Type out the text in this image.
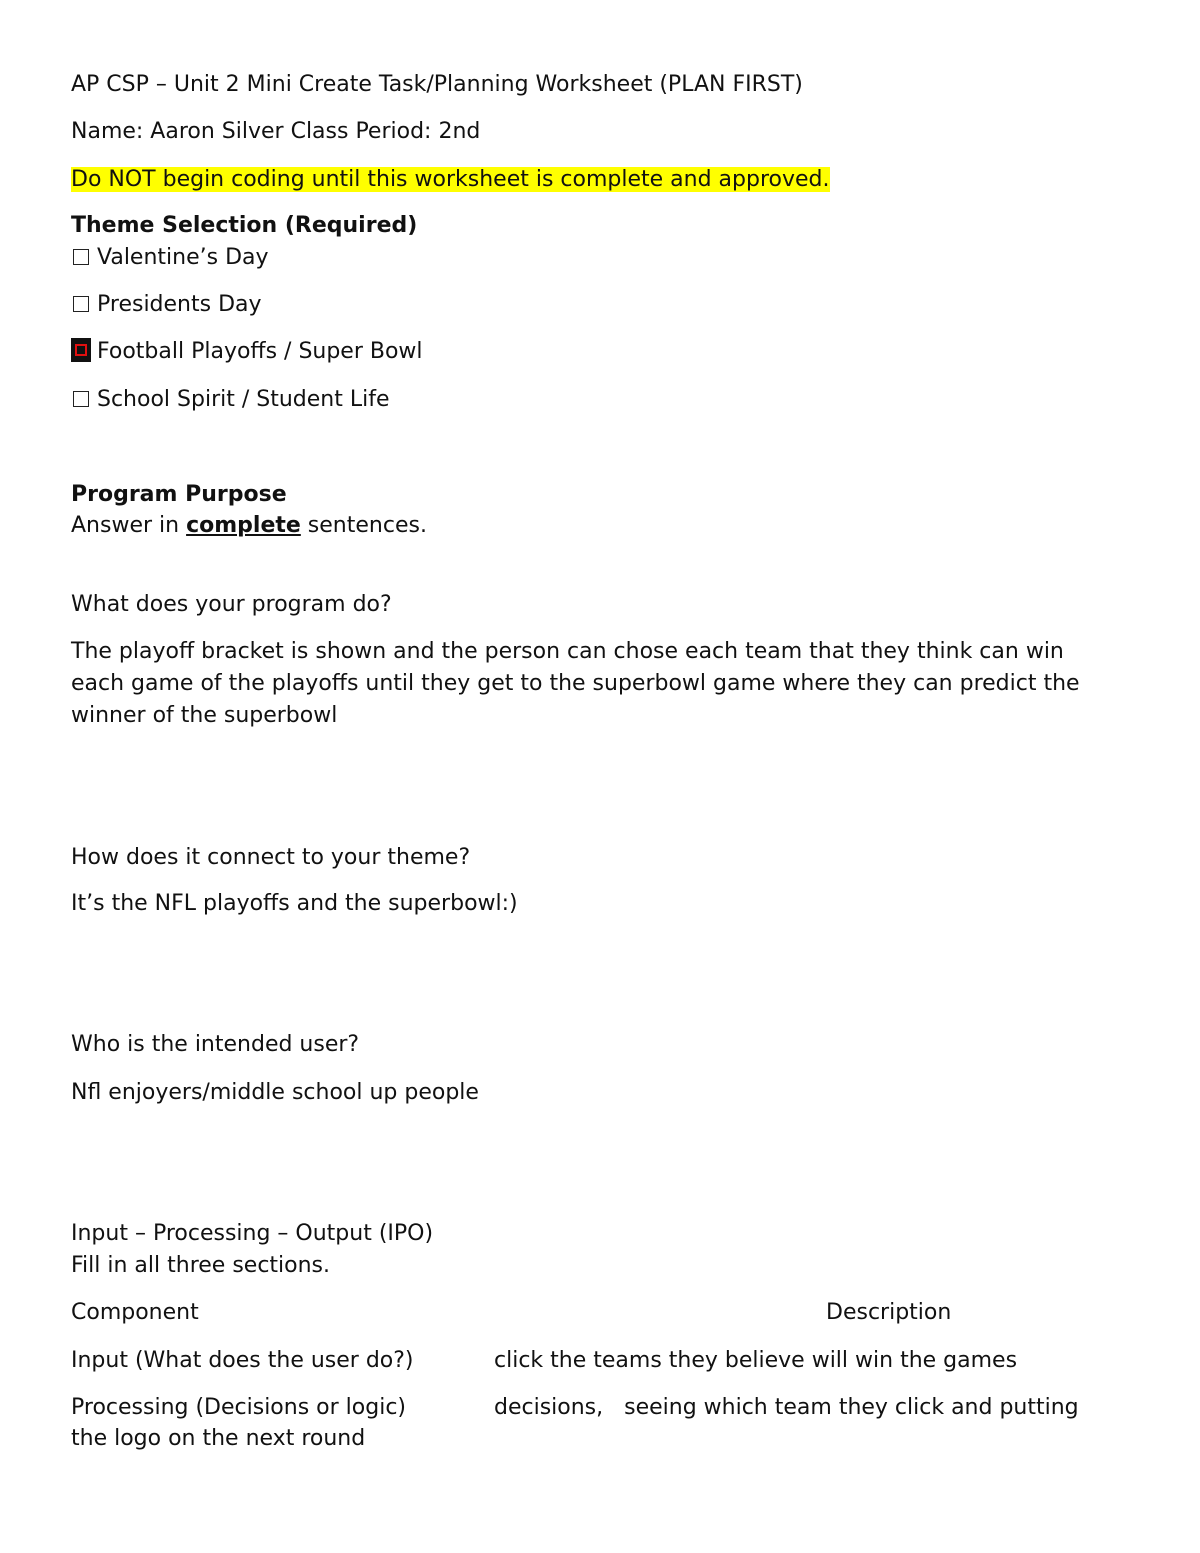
AP CSP – Unit 2 Mini Create Task/Planning Worksheet (PLAN FIRST)
Name: Aaron Silver Class Period: 2nd
Do NOT begin coding until this worksheet is complete and approved.
Theme Selection (Required)
Valentine’s Day
Presidents Day
Football Playoffs / Super Bowl
School Spirit / Student Life
Program Purpose
Answer in complete sentences.
What does your program do?
The playoff bracket is shown and the person can chose each team that they think can win each game of the playoffs until they get to the superbowl game where they can predict the winner of the superbowl
How does it connect to your theme?
It’s the NFL playoffs and the superbowl:)
Who is the intended user?
Nfl enjoyers/middle school up people
Input – Processing – Output (IPO)
Fill in all three sections.
Component	Description
Input (What does the user do?)	click the teams they believe will win the games
Processing (Decisions or logic)	decisions,   seeing which team they click and putting
the logo on the next round
